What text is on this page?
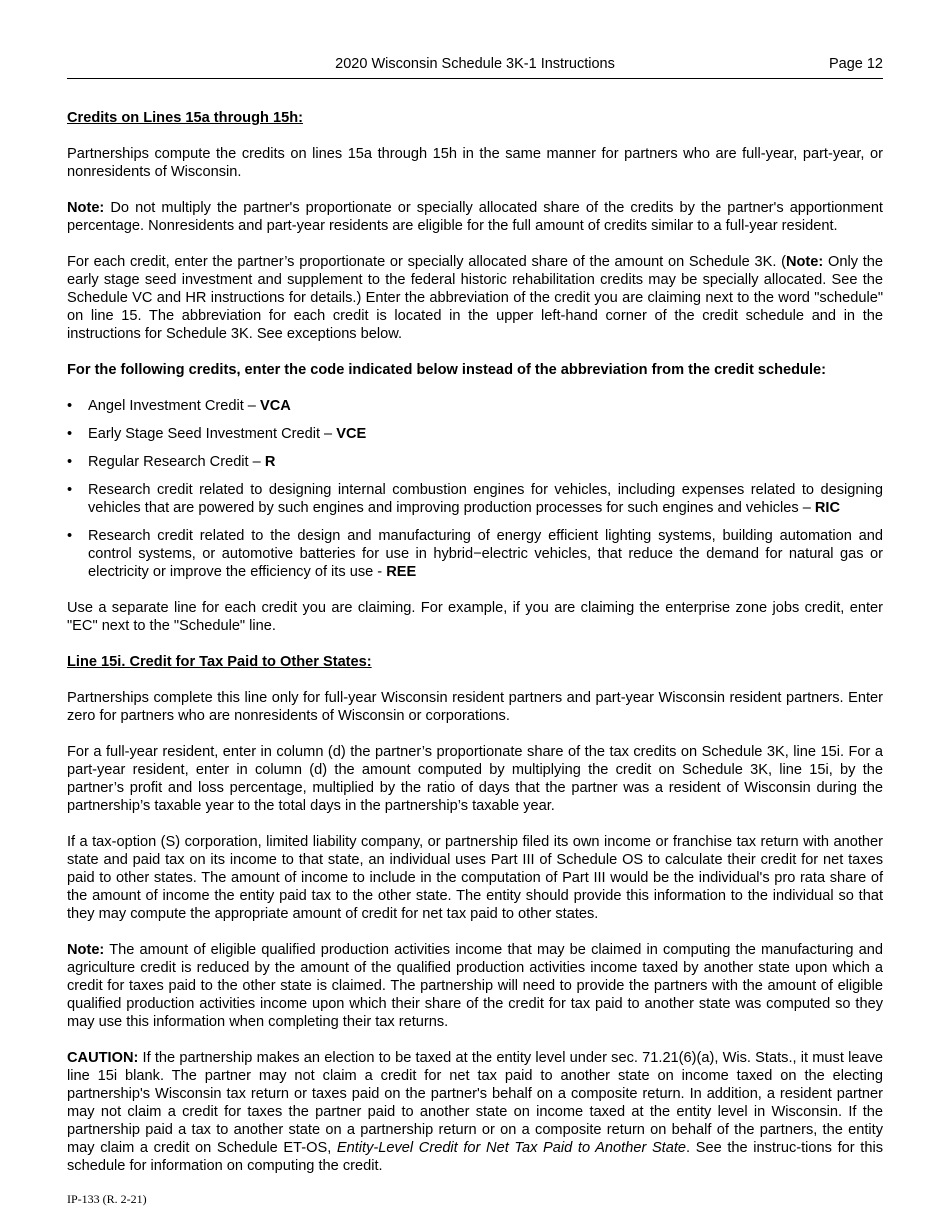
2020 Wisconsin Schedule 3K-1 Instructions	Page 12

Credits on Lines 15a through 15h:

Partnerships compute the credits on lines 15a through 15h in the same manner for partners who are full-year, part-year, or nonresidents of Wisconsin.

Note: Do not multiply the partner's proportionate or specially allocated share of the credits by the partner's apportionment percentage. Nonresidents and part-year residents are eligible for the full amount of credits similar to a full-year resident.

For each credit, enter the partner’s proportionate or specially allocated share of the amount on Schedule 3K. (Note: Only the early stage seed investment and supplement to the federal historic rehabilitation credits may be specially allocated. See the Schedule VC and HR instructions for details.) Enter the abbreviation of the credit you are claiming next to the word "schedule" on line 15. The abbreviation for each credit is located in the upper left-hand corner of the credit schedule and in the instructions for Schedule 3K. See exceptions below.

For the following credits, enter the code indicated below instead of the abbreviation from the credit schedule:

•	Angel Investment Credit – VCA
•	Early Stage Seed Investment Credit – VCE
•	Regular Research Credit – R
•	Research credit related to designing internal combustion engines for vehicles, including expenses related to designing vehicles that are powered by such engines and improving production processes for such engines and vehicles – RIC
•	Research credit related to the design and manufacturing of energy efficient lighting systems, building automation and control systems, or automotive batteries for use in hybrid−electric vehicles, that reduce the demand for natural gas or electricity or improve the efficiency of its use - REE

Use a separate line for each credit you are claiming. For example, if you are claiming the enterprise zone jobs credit, enter "EC" next to the "Schedule" line.

Line 15i. Credit for Tax Paid to Other States:

Partnerships complete this line only for full-year Wisconsin resident partners and part-year Wisconsin resident partners. Enter zero for partners who are nonresidents of Wisconsin or corporations.

For a full-year resident, enter in column (d) the partner’s proportionate share of the tax credits on Schedule 3K, line 15i. For a part-year resident, enter in column (d) the amount computed by multiplying the credit on Schedule 3K, line 15i, by the partner’s profit and loss percentage, multiplied by the ratio of days that the partner was a resident of Wisconsin during the partnership’s taxable year to the total days in the partnership’s taxable year.

If a tax-option (S) corporation, limited liability company, or partnership filed its own income or franchise tax return with another state and paid tax on its income to that state, an individual uses Part III of Schedule OS to calculate their credit for net taxes paid to other states. The amount of income to include in the computation of Part III would be the individual's pro rata share of the amount of income the entity paid tax to the other state. The entity should provide this information to the individual so that they may compute the appropriate amount of credit for net tax paid to other states.

Note: The amount of eligible qualified production activities income that may be claimed in computing the manufacturing and agriculture credit is reduced by the amount of the qualified production activities income taxed by another state upon which a credit for taxes paid to the other state is claimed. The partnership will need to provide the partners with the amount of eligible qualified production activities income upon which their share of the credit for tax paid to another state was computed so they may use this information when completing their tax returns.

CAUTION: If the partnership makes an election to be taxed at the entity level under sec. 71.21(6)(a), Wis. Stats., it must leave line 15i blank. The partner may not claim a credit for net tax paid to another state on income taxed on the electing partnership's Wisconsin tax return or taxes paid on the partner's behalf on a composite return. In addition, a resident partner may not claim a credit for taxes the partner paid to another state on income taxed at the entity level in Wisconsin. If the partnership paid a tax to another state on a partnership return or on a composite return on behalf of the partners, the entity may claim a credit on Schedule ET-OS, Entity-Level Credit for Net Tax Paid to Another State. See the instruc-tions for this schedule for information on computing the credit.

IP-133 (R. 2-21)
